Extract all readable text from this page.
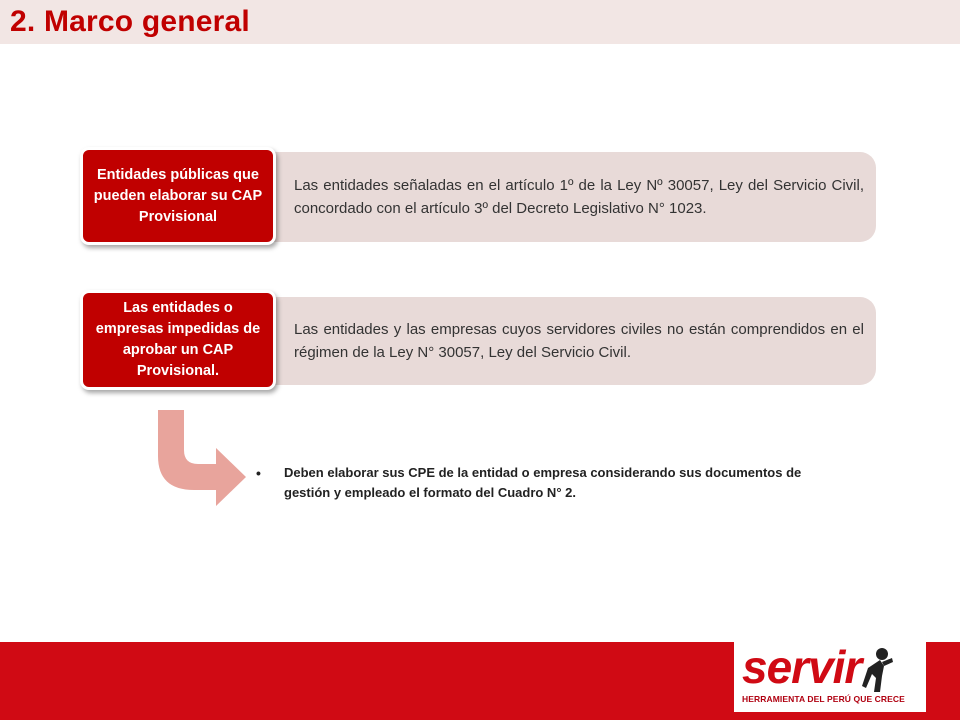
2. Marco general

Las entidades señaladas en el artículo 1º de la Ley Nº 30057, Ley del Servicio Civil, concordado con el artículo 3º del Decreto Legislativo N° 1023.

Entidades públicas que pueden elaborar su CAP Provisional

Las entidades y las empresas cuyos servidores civiles no están comprendidos en el régimen de la Ley N° 30057, Ley del Servicio Civil.

Las entidades o empresas impedidas de aprobar un CAP Provisional.
•	Deben elaborar sus CPE de la entidad o empresa considerando sus documentos de gestión y empleado el formato del Cuadro N° 2.
servir
HERRAMIENTA DEL PERÚ QUE CRECE
